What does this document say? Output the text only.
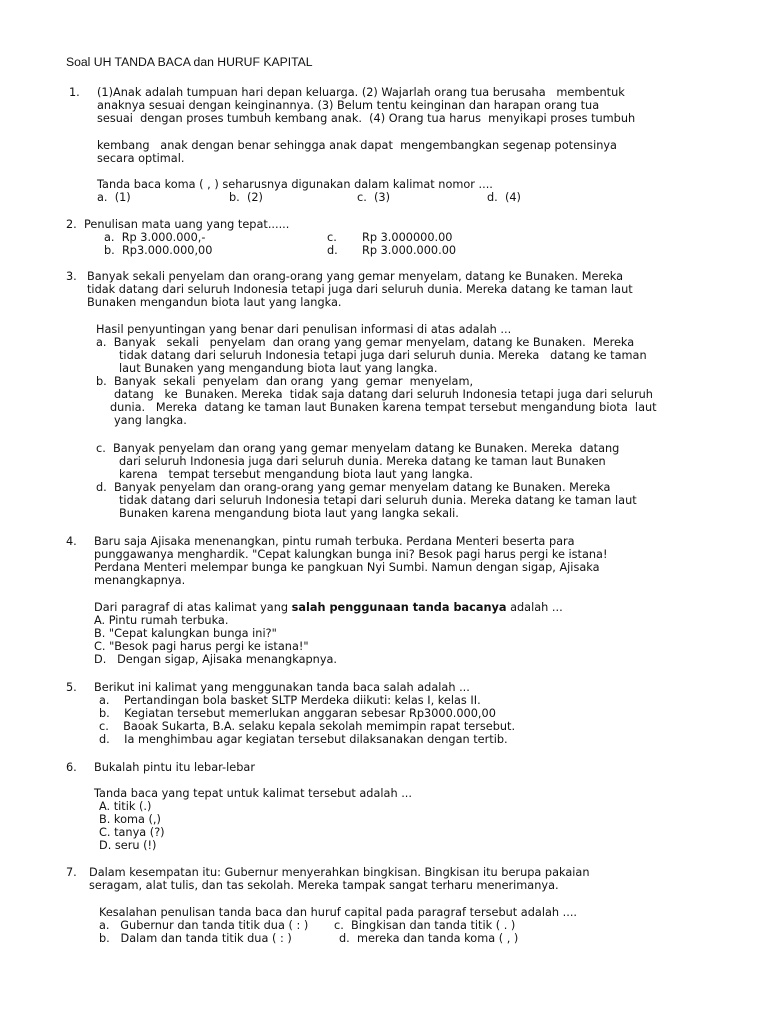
Soal UH TANDA BACA dan HURUF KAPITAL
1. (1)Anak adalah tumpuan hari depan keluarga. (2) Wajarlah orang tua berusaha   membentuk
anaknya sesuai dengan keinginannya. (3) Belum tentu keinginan dan harapan orang tua
sesuai  dengan proses tumbuh kembang anak.  (4) Orang tua harus  menyikapi proses tumbuh
kembang   anak dengan benar sehingga anak dapat  mengembangkan segenap potensinya
secara optimal.
Tanda baca koma ( , ) seharusnya digunakan dalam kalimat nomor ....
a.  (1)	b.  (2)	c.  (3)	d.  (4)
2. Penulisan mata uang yang tepat......
a.  Rp 3.000.000,-
b.  Rp3.000.000,00
c. Rp 3.000000.00
d. Rp 3.000.000.00
3. Banyak sekali penyelam dan orang-orang yang gemar menyelam, datang ke Bunaken. Mereka
tidak datang dari seluruh Indonesia tetapi juga dari seluruh dunia. Mereka datang ke taman laut
Bunaken mengandun biota laut yang langka.
Hasil penyuntingan yang benar dari penulisan informasi di atas adalah ...
a.  Banyak   sekali   penyelam  dan orang yang gemar menyelam, datang ke Bunaken.  Mereka
tidak datang dari seluruh Indonesia tetapi juga dari seluruh dunia. Mereka   datang ke taman
laut Bunaken yang mengandung biota laut yang langka.
b.  Banyak  sekali  penyelam  dan orang  yang  gemar  menyelam,
datang   ke  Bunaken. Mereka  tidak saja datang dari seluruh Indonesia tetapi juga dari seluruh
dunia.   Mereka  datang ke taman laut Bunaken karena tempat tersebut mengandung biota  laut
yang langka.
c.  Banyak penyelam dan orang yang gemar menyelam datang ke Bunaken. Mereka  datang
dari seluruh Indonesia juga dari seluruh dunia. Mereka datang ke taman laut Bunaken
karena   tempat tersebut mengandung biota laut yang langka.
d.  Banyak penyelam dan orang-orang yang gemar menyelam datang ke Bunaken. Mereka
tidak datang dari seluruh Indonesia tetapi dari seluruh dunia. Mereka datang ke taman laut
Bunaken karena mengandung biota laut yang langka sekali.
4. Baru saja Ajisaka menenangkan, pintu rumah terbuka. Perdana Menteri beserta para
punggawanya menghardik. "Cepat kalungkan bunga ini? Besok pagi harus pergi ke istana!
Perdana Menteri melempar bunga ke pangkuan Nyi Sumbi. Namun dengan sigap, Ajisaka
menangkapnya.
Dari paragraf di atas kalimat yang salah penggunaan tanda bacanya adalah ...
A. Pintu rumah terbuka.
B. "Cepat kalungkan bunga ini?"
C. "Besok pagi harus pergi ke istana!"
D.   Dengan sigap, Ajisaka menangkapnya.
5. Berikut ini kalimat yang menggunakan tanda baca salah adalah ...
a.    Pertandingan bola basket SLTP Merdeka diikuti: kelas I, kelas II.
b.    Kegiatan tersebut memerlukan anggaran sebesar Rp3000.000,00
c.    Baoak Sukarta, B.A. selaku kepala sekolah memimpin rapat tersebut.
d.    Ia menghimbau agar kegiatan tersebut dilaksanakan dengan tertib.
6. Bukalah pintu itu lebar-lebar
Tanda baca yang tepat untuk kalimat tersebut adalah ...
A. titik (.)
B. koma (,)
C. tanya (?)
D. seru (!)
7. Dalam kesempatan itu: Gubernur menyerahkan bingkisan. Bingkisan itu berupa pakaian
seragam, alat tulis, dan tas sekolah. Mereka tampak sangat terharu menerimanya.
Kesalahan penulisan tanda baca dan huruf capital pada paragraf tersebut adalah ....
a.   Gubernur dan tanda titik dua ( : ) c.  Bingkisan dan tanda titik ( . )
b.   Dalam dan tanda titik dua ( : )	d.  mereka dan tanda koma ( , )
